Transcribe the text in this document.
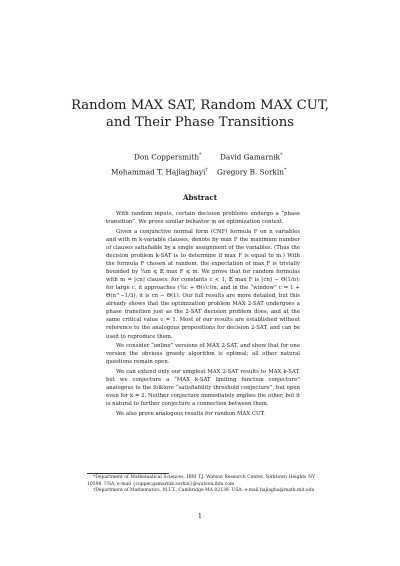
Random MAX SAT, Random MAX CUT,
and Their Phase Transitions
Don Coppersmith*	David Gamarnik*
Mohammad T. Hajiaghayi† Gregory B. Sorkin*
Abstract

With random inputs, certain decision problems undergo a “phase transition”. We prove similar behavior in an optimization context.

Given a conjunctive normal form (CNF) formula F on n variables and with m k-variable clauses, denote by max F the maximum number of clauses satisfiable by a single assignment of the variables. (Thus the decision problem k-SAT is to determine if max F is equal to m.) With the formula F chosen at random, the expectation of max F is trivially bounded by ¾m ⩽ 𝔼 max F ⩽ m. We prove that for random formulas with m = ⌊cn⌋ clauses: for constants c < 1, 𝔼 max F is ⌊cn⌋ − Θ(1/n); for large c, it approaches (¾c + Θ(√c))n; and in the “window” c = 1 + Θ(n^−1/3), it is cn − Θ(1). Our full results are more detailed, but this already shows that the optimization problem MAX 2-SAT undergoes a phase transition just as the 2-SAT decision problem does, and at the same critical value c = 1. Most of our results are established without reference to the analogous propositions for decision 2-SAT, and can be used to reproduce them.

We consider “online” versions of MAX 2-SAT, and show that for one version the obvious greedy algorithm is optimal; all other natural questions remain open.

We can extend only our simplest MAX 2-SAT results to MAX k-SAT, but we conjecture a “MAX k-SAT limiting function conjecture” analogous to the folklore “satisfiability threshold conjecture”, but open even for k = 2. Neither conjecture immediately implies the other, but it is natural to further conjecture a connection between them.

We also prove analogous results for random MAX CUT.

*Department of Mathematical Sciences, IBM T.J. Watson Research Center, Yorktown Heights NY 10598, USA. e-mail {copper,gamarnik,sorkin}@watson.ibm.com

†Department of Mathematics, M.I.T., Cambridge MA 02139, USA. e-mail hajiagha@math.mit.edu

1
